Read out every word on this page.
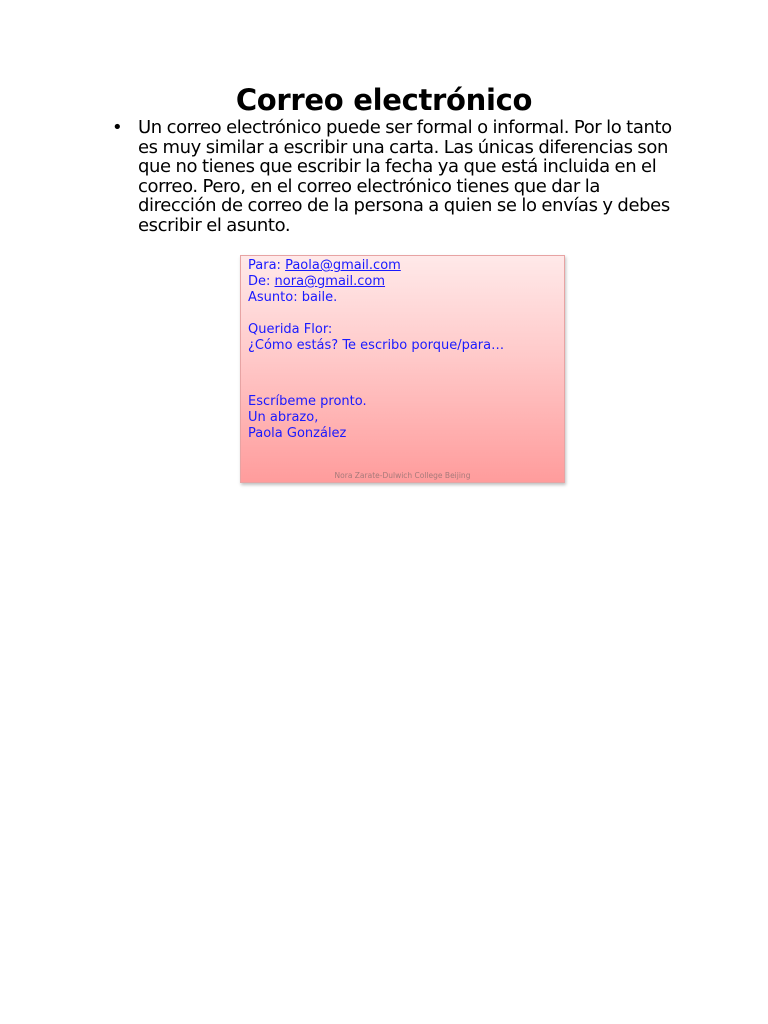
Correo electrónico
• Un correo electrónico puede ser formal o informal. Por lo tanto es muy similar a escribir una carta. Las únicas diferencias son que no tienes que escribir la fecha ya que está incluida en el correo. Pero, en el correo electrónico tienes que dar la dirección de correo de la persona a quien se lo envías y debes escribir el asunto.
Para: Paola@gmail.com
De: nora@gmail.com
Asunto: baile.
Querida Flor:
¿Cómo estás? Te escribo porque/para…
Escríbeme pronto.
Un abrazo,
Paola González
Nora Zarate-Dulwich College Beijing
